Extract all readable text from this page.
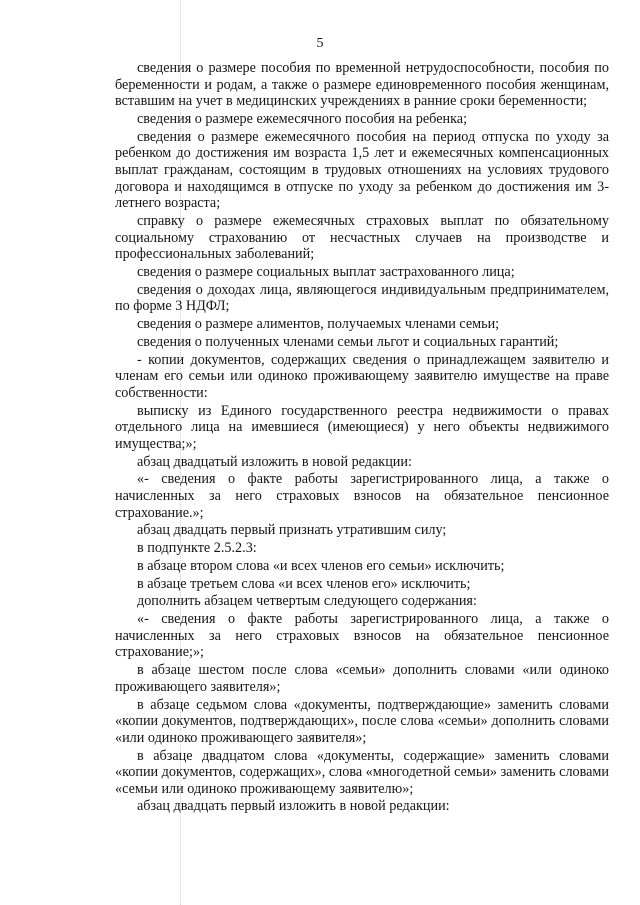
5

сведения о размере пособия по временной нетрудоспособности, пособия по беременности и родам, а также о размере единовременного пособия женщинам, вставшим на учет в медицинских учреждениях в ранние сроки беременности;

сведения о размере ежемесячного пособия на ребенка;

сведения о размере ежемесячного пособия на период отпуска по уходу за ребенком до достижения им возраста 1,5 лет и ежемесячных компенсационных выплат гражданам, состоящим в трудовых отношениях на условиях трудового договора и находящимся в отпуске по уходу за ребенком до достижения им 3-летнего возраста;

справку о размере ежемесячных страховых выплат по обязательному социальному страхованию от несчастных случаев на производстве и профессиональных заболеваний;

сведения о размере социальных выплат застрахованного лица;

сведения о доходах лица, являющегося индивидуальным предпринимателем, по форме 3 НДФЛ;

сведения о размере алиментов, получаемых членами семьи;

сведения о полученных членами семьи льгот и социальных гарантий;

- копии документов, содержащих сведения о принадлежащем заявителю и членам его семьи или одиноко проживающему заявителю имуществе на праве собственности:

выписку из Единого государственного реестра недвижимости о правах отдельного лица на имевшиеся (имеющиеся) у него объекты недвижимого имущества;»;

абзац двадцатый изложить в новой редакции:

«- сведения о факте работы зарегистрированного лица, а также о начисленных за него страховых взносов на обязательное пенсионное страхование.»;

абзац двадцать первый признать утратившим силу;

в подпункте 2.5.2.3:

в абзаце втором слова «и всех членов его семьи» исключить;

в абзаце третьем слова «и всех членов его» исключить;

дополнить абзацем четвертым следующего содержания:

«- сведения о факте работы зарегистрированного лица, а также о начисленных за него страховых взносов на обязательное пенсионное страхование;»;

в абзаце шестом после слова «семьи» дополнить словами «или одиноко проживающего заявителя»;

в абзаце седьмом слова «документы, подтверждающие» заменить словами «копии документов, подтверждающих», после слова «семьи» дополнить словами «или одиноко проживающего заявителя»;

в абзаце двадцатом слова «документы, содержащие» заменить словами «копии документов, содержащих», слова «многодетной семьи» заменить словами «семьи или одиноко проживающему заявителю»;

абзац двадцать первый изложить в новой редакции:
